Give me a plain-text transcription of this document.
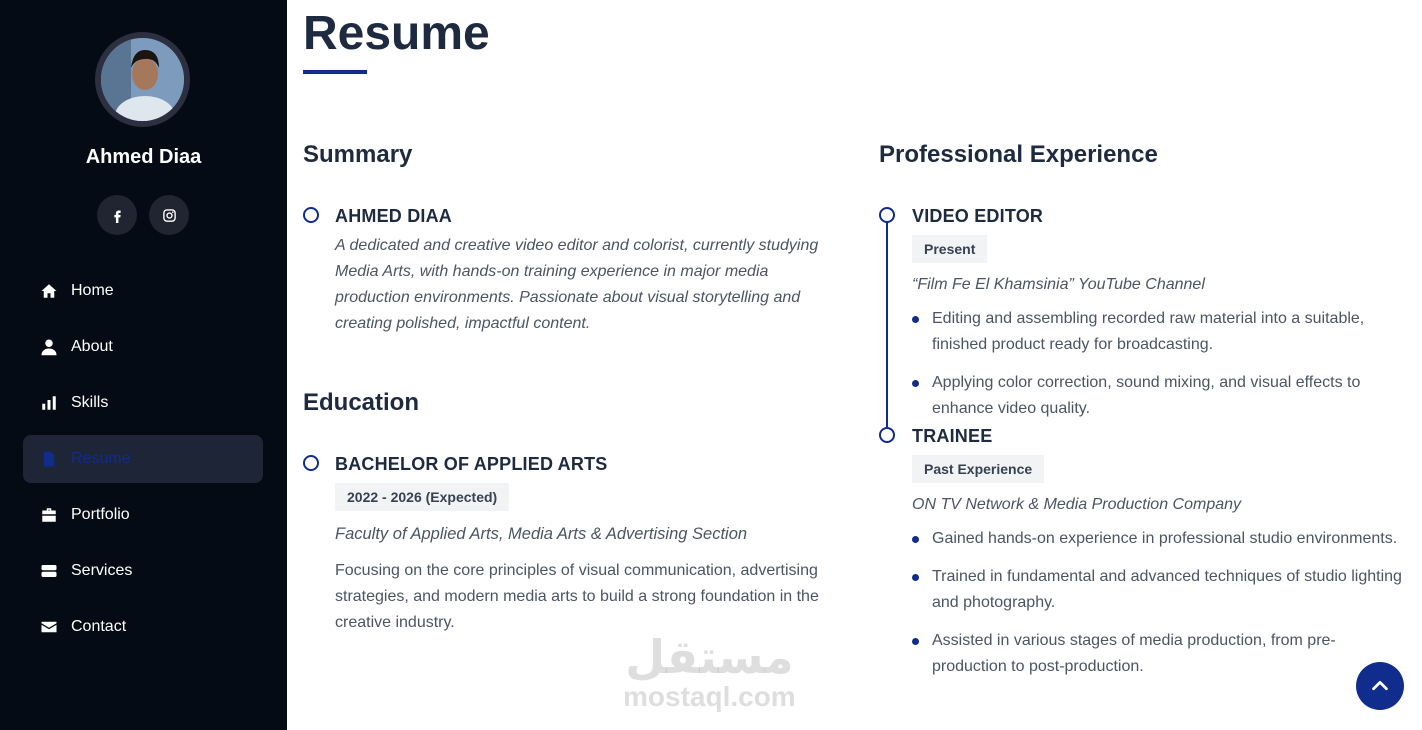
Ahmed Diaa
Home
About
Skills
Resume
Portfolio
Services
Contact
Resume
Summary
AHMED DIAA

A dedicated and creative video editor and colorist, currently studying Media Arts, with hands-on training experience in major media production environments. Passionate about visual storytelling and creating polished, impactful content.

Education
BACHELOR OF APPLIED ARTS
2022 - 2026 (Expected)

Faculty of Applied Arts, Media Arts & Advertising Section

Focusing on the core principles of visual communication, advertising strategies, and modern media arts to build a strong foundation in the creative industry.

Professional Experience
VIDEO EDITOR
Present

“Film Fe El Khamsinia” YouTube Channel

Editing and assembling recorded raw material into a suitable, finished product ready for broadcasting.
Applying color correction, sound mixing, and visual effects to enhance video quality.
TRAINEE
Past Experience

ON TV Network & Media Production Company

Gained hands-on experience in professional studio environments.
Trained in fundamental and advanced techniques of studio lighting and photography.
Assisted in various stages of media production, from pre-production to post-production.
مستقل
mostaql.com
